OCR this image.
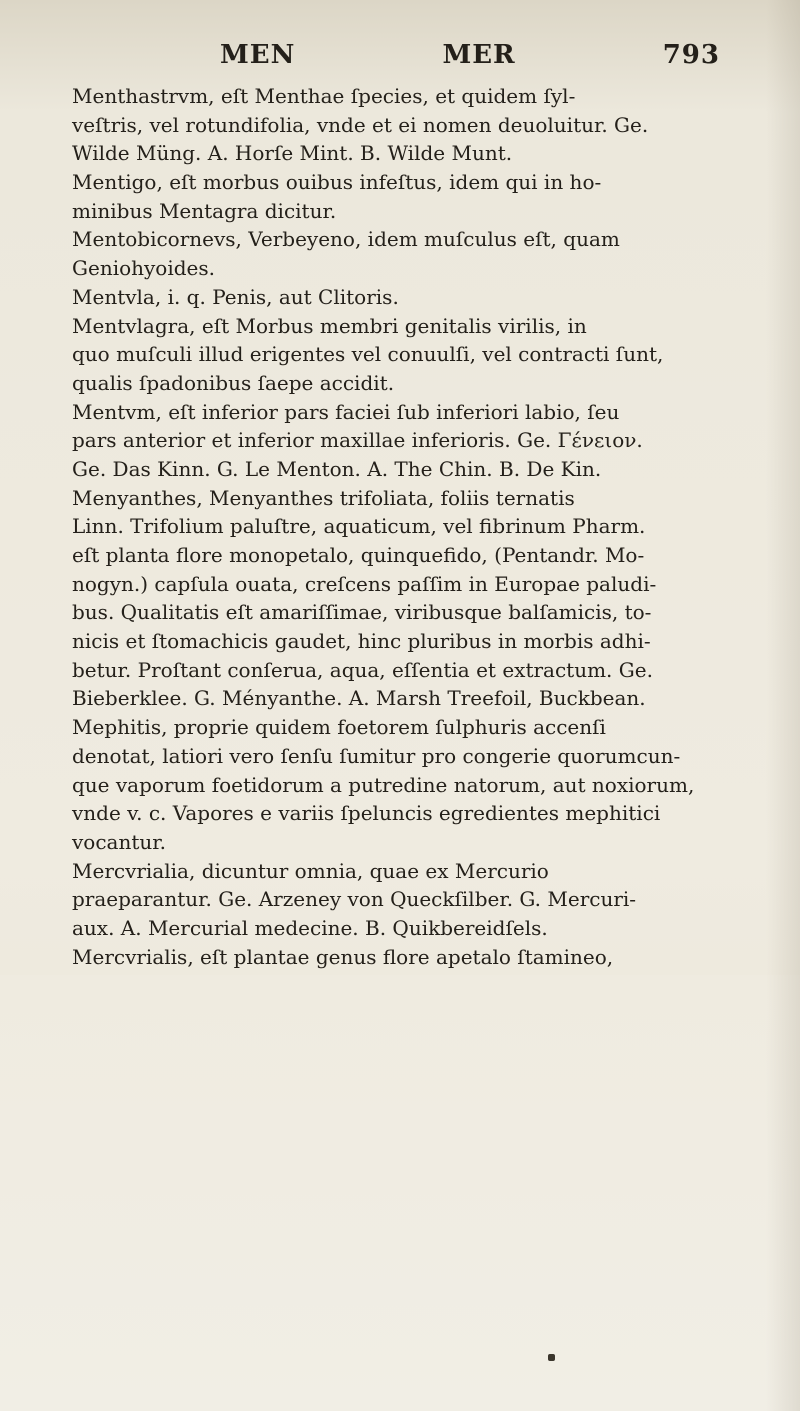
MEN	MER	793
Menthastrvm, eſt Menthae ſpecies, et quidem ſyl-
veſtris, vel rotundifolia, vnde et ei nomen deuoluitur. Ge.
Wilde Müng. A. Horſe Mint. B. Wilde Munt.
Mentigo, eſt morbus ouibus infeſtus, idem qui in ho-
minibus Mentagra dicitur.
Mentobicornevs, Verbeyeno, idem muſculus eſt, quam
Geniohyoides.
Mentvla, i. q. Penis, aut Clitoris.
Mentvlagra, eſt Morbus membri genitalis virilis, in
quo muſculi illud erigentes vel conuulſi, vel contracti ſunt,
qualis ſpadonibus ſaepe accidit.
Mentvm, eſt inferior pars faciei ſub inferiori labio, ſeu
pars anterior et inferior maxillae inferioris. Ge. Γένειον.
Ge. Das Kinn. G. Le Menton. A. The Chin. B. De Kin.
Menyanthes, Menyanthes trifoliata, foliis ternatis
Linn. Trifolium paluſtre, aquaticum, vel fibrinum Pharm.
eſt planta flore monopetalo, quinquefido, (Pentandr. Mo-
nogyn.) capſula ouata, creſcens paſſim in Europae paludi-
bus. Qualitatis eſt amariſſimae, viribusque balſamicis, to-
nicis et ſtomachicis gaudet, hinc pluribus in morbis adhi-
betur. Proſtant conſerua, aqua, eſſentia et extractum. Ge.
Bieberklee. G. Ményanthe. A. Marsh Treefoil, Buckbean.
Mephitis, proprie quidem foetorem ſulphuris accenſi
denotat, latiori vero ſenſu ſumitur pro congerie quorumcun-
que vaporum foetidorum a putredine natorum, aut noxiorum,
vnde v. c. Vapores e variis ſpeluncis egredientes mephitici
vocantur.
Mercvrialia, dicuntur omnia, quae ex Mercurio
praeparantur. Ge. Arzeney von Queckſilber. G. Mercuri-
aux. A. Mercurial medecine. B. Quikbereidſels.
Mercvrialis, eſt plantae genus flore apetalo ſtamineo,
